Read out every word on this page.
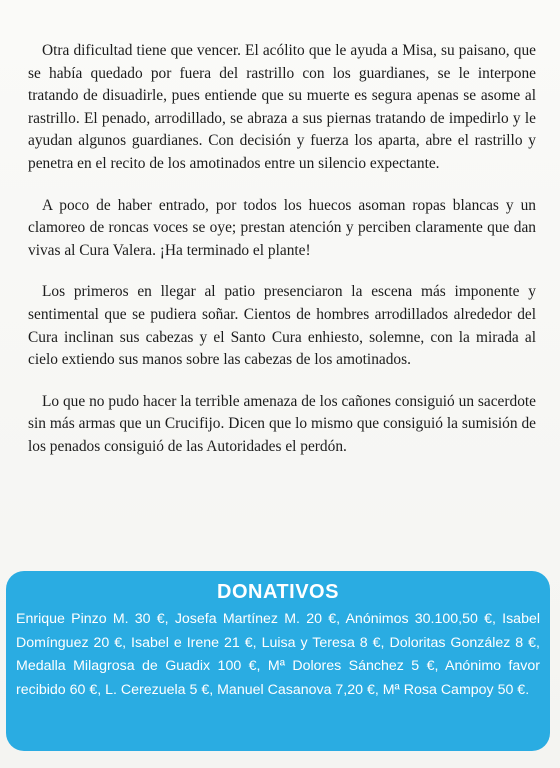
Otra dificultad tiene que vencer. El acólito que le ayuda a Misa, su paisano, que se había quedado por fuera del rastrillo con los guardianes, se le interpone tratando de disuadirle, pues entiende que su muerte es segura apenas se asome al rastrillo. El penado, arrodillado, se abraza a sus piernas tratando de impedirlo y le ayudan algunos guardianes. Con decisión y fuerza los aparta, abre el rastrillo y penetra en el recito de los amotinados entre un silencio expectante.

A poco de haber entrado, por todos los huecos asoman ropas blancas y un clamoreo de roncas voces se oye; prestan atención y perciben claramente que dan vivas al Cura Valera. ¡Ha terminado el plante!

Los primeros en llegar al patio presenciaron la escena más imponente y sentimental que se pudiera soñar. Cientos de hombres arrodillados alrededor del Cura inclinan sus cabezas y el Santo Cura enhiesto, solemne, con la mirada al cielo extiendo sus manos sobre las cabezas de los amotinados.

Lo que no pudo hacer la terrible amenaza de los cañones consiguió un sacerdote sin más armas que un Crucifijo. Dicen que lo mismo que consiguió la sumisión de los penados consiguió de las Autoridades el perdón.

DONATIVOS

Enrique Pinzo M. 30 €, Josefa Martínez M. 20 €, Anónimos 30.100,50 €, Isabel Domínguez 20 €, Isabel e Irene 21 €, Luisa y Teresa 8 €, Doloritas González 8 €, Medalla Milagrosa de Guadix 100 €, Mª Dolores Sánchez 5 €, Anónimo favor recibido 60 €, L. Cerezuela 5 €, Manuel Casanova 7,20 €, Mª Rosa Campoy 50 €.
